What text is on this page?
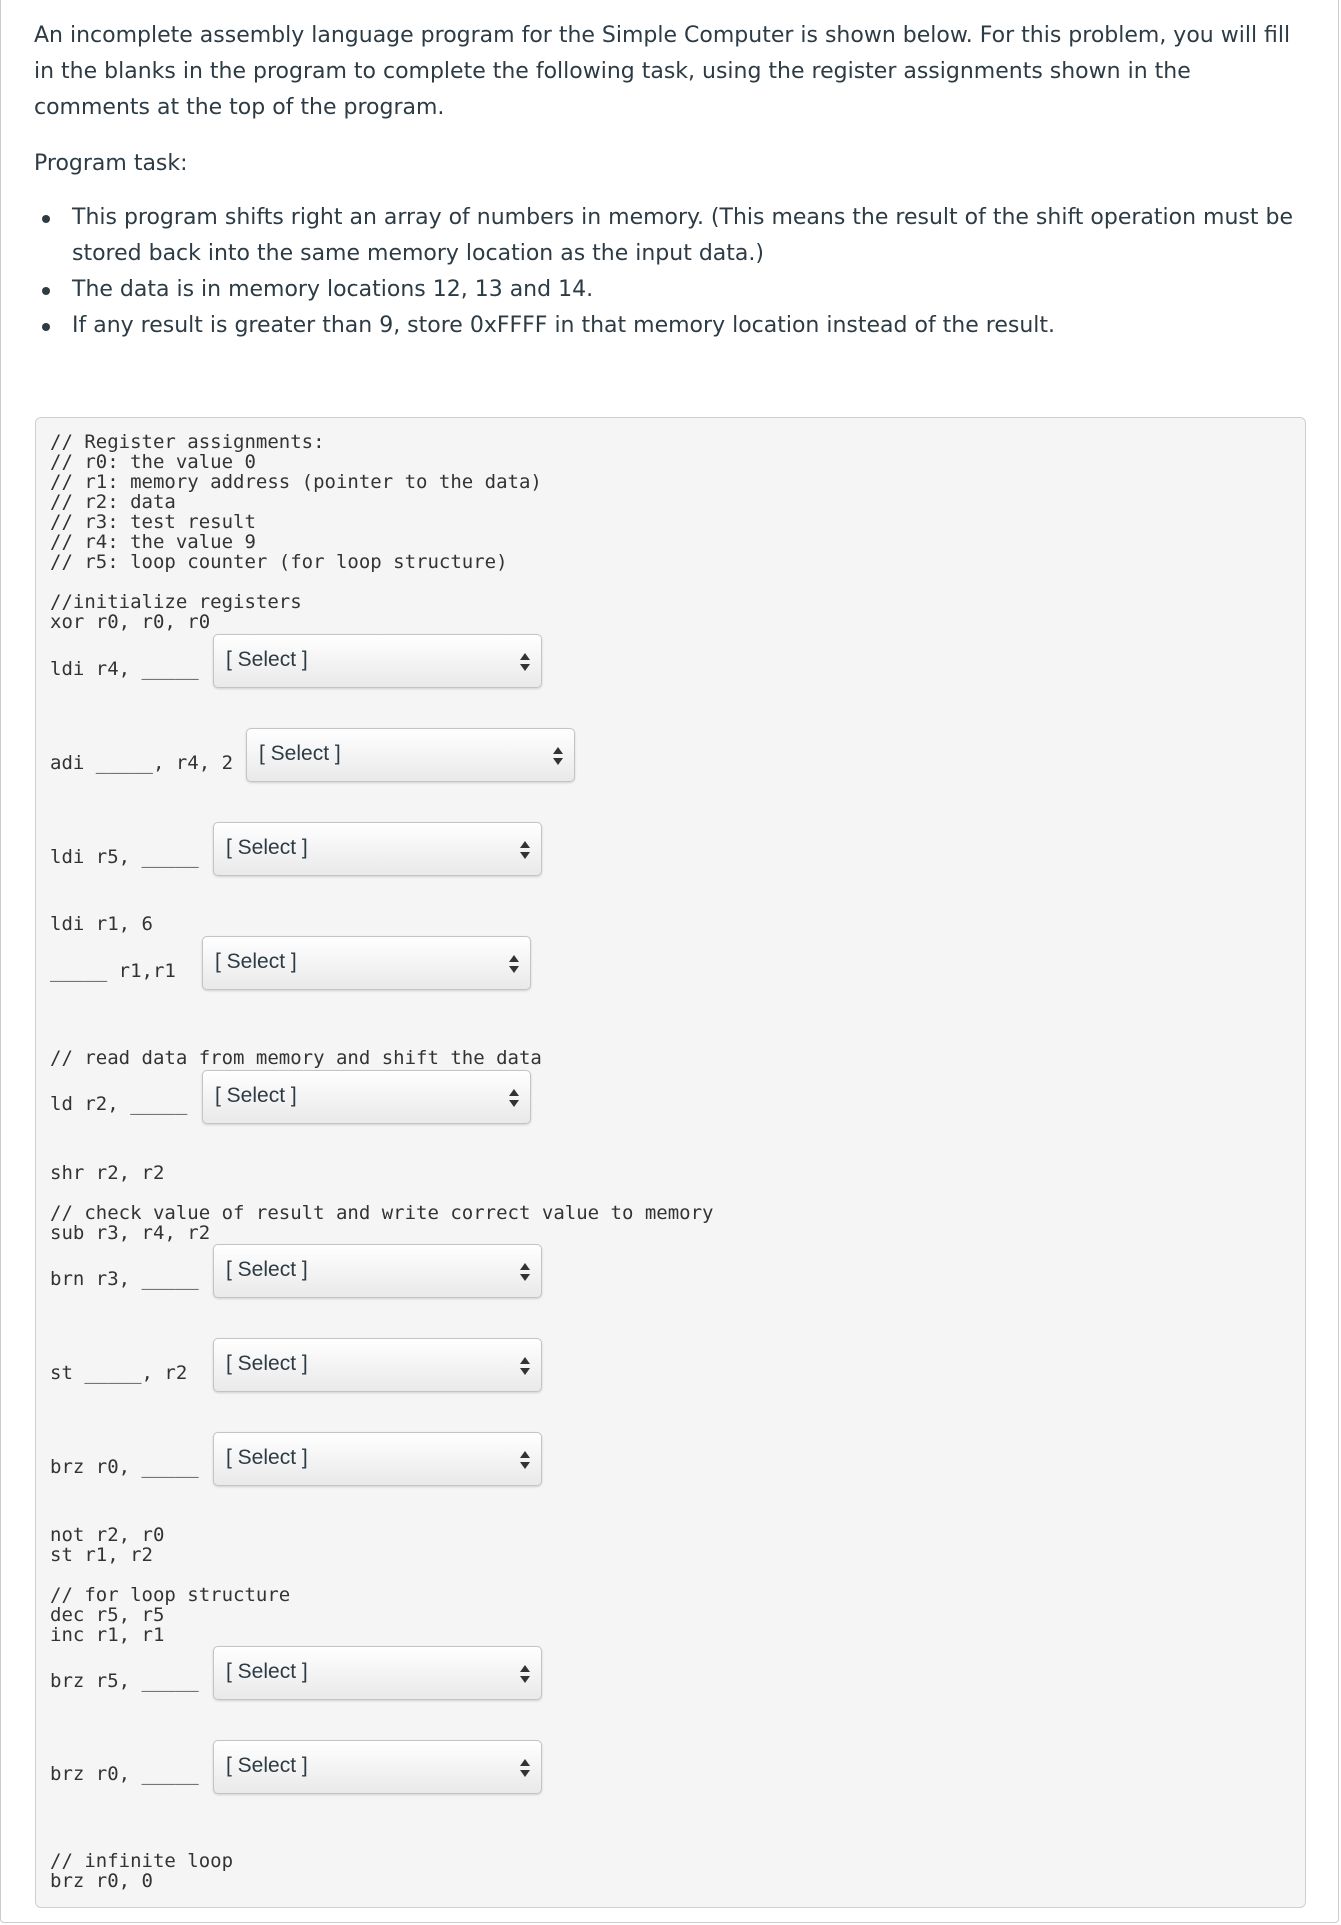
An incomplete assembly language program for the Simple Computer is shown below. For this problem, you will fill in the blanks in the program to complete the following task, using the register assignments shown in the comments at the top of the program.

Program task:

This program shifts right an array of numbers in memory. (This means the result of the shift operation must be stored back into the same memory location as the input data.)
The data is in memory locations 12, 13 and 14.
If any result is greater than 9, store 0xFFFF in that memory location instead of the result.
// Register assignments:
// r0: the value 0
// r1: memory address (pointer to the data)
// r2: data
// r3: test result
// r4: the value 9
// r5: loop counter (for loop structure)

//initialize registers
xor r0, r0, r0
ldi r4, _____
adi _____, r4, 2
ldi r5, _____
ldi r1, 6
_____ r1,r1
// read data from memory and shift the data
ld r2, _____
shr r2, r2
// check value of result and write correct value to memory
sub r3, r4, r2
brn r3, _____
st _____, r2
brz r0, _____
not r2, r0
st r1, r2
// for loop structure
dec r5, r5
inc r1, r1
brz r5, _____
brz r0, _____
// infinite loop
brz r0, 0
[ Select ]
[ Select ]
[ Select ]
[ Select ]
[ Select ]
[ Select ]
[ Select ]
[ Select ]
[ Select ]
[ Select ]
